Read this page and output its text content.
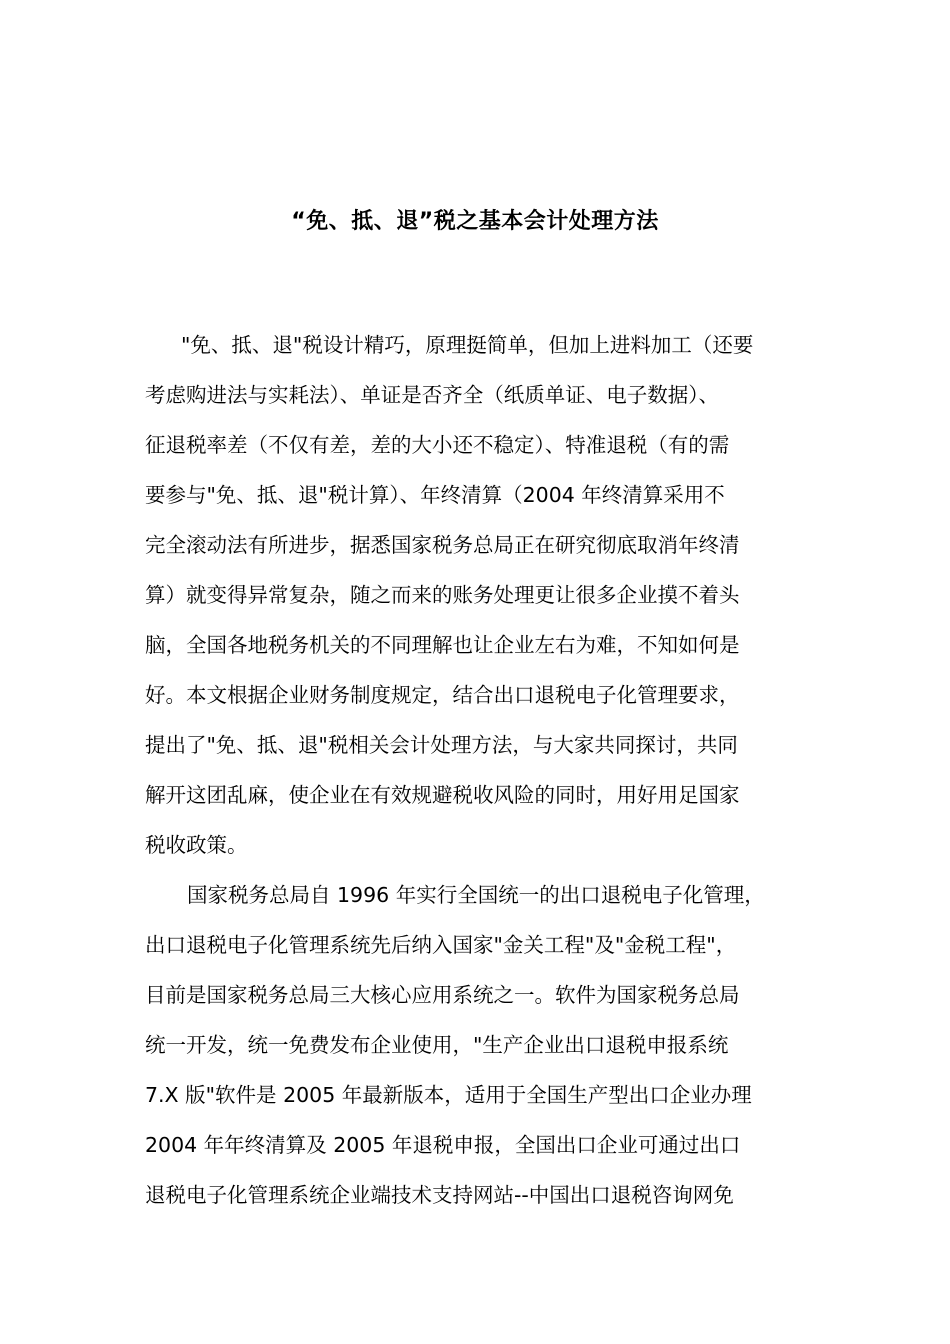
“免、抵、退”税之基本会计处理方法
"免、抵、退"税设计精巧，原理挺简单，但加上进料加工（还要
考虑购进法与实耗法）、单证是否齐全（纸质单证、电子数据）、
征退税率差（不仅有差，差的大小还不稳定）、特准退税（有的需
要参与"免、抵、退"税计算）、年终清算（2004 年终清算采用不
完全滚动法有所进步，据悉国家税务总局正在研究彻底取消年终清
算）就变得异常复杂，随之而来的账务处理更让很多企业摸不着头
脑，全国各地税务机关的不同理解也让企业左右为难，不知如何是
好。本文根据企业财务制度规定，结合出口退税电子化管理要求，
提出了"免、抵、退"税相关会计处理方法，与大家共同探讨，共同
解开这团乱麻，使企业在有效规避税收风险的同时，用好用足国家
税收政策。
国家税务总局自 1996 年实行全国统一的出口退税电子化管理，
出口退税电子化管理系统先后纳入国家"金关工程"及"金税工程"，
目前是国家税务总局三大核心应用系统之一。软件为国家税务总局
统一开发，统一免费发布企业使用，"生产企业出口退税申报系统
7.X 版"软件是 2005 年最新版本，适用于全国生产型出口企业办理
2004 年年终清算及 2005 年退税申报，全国出口企业可通过出口
退税电子化管理系统企业端技术支持网站--中国出口退税咨询网免
